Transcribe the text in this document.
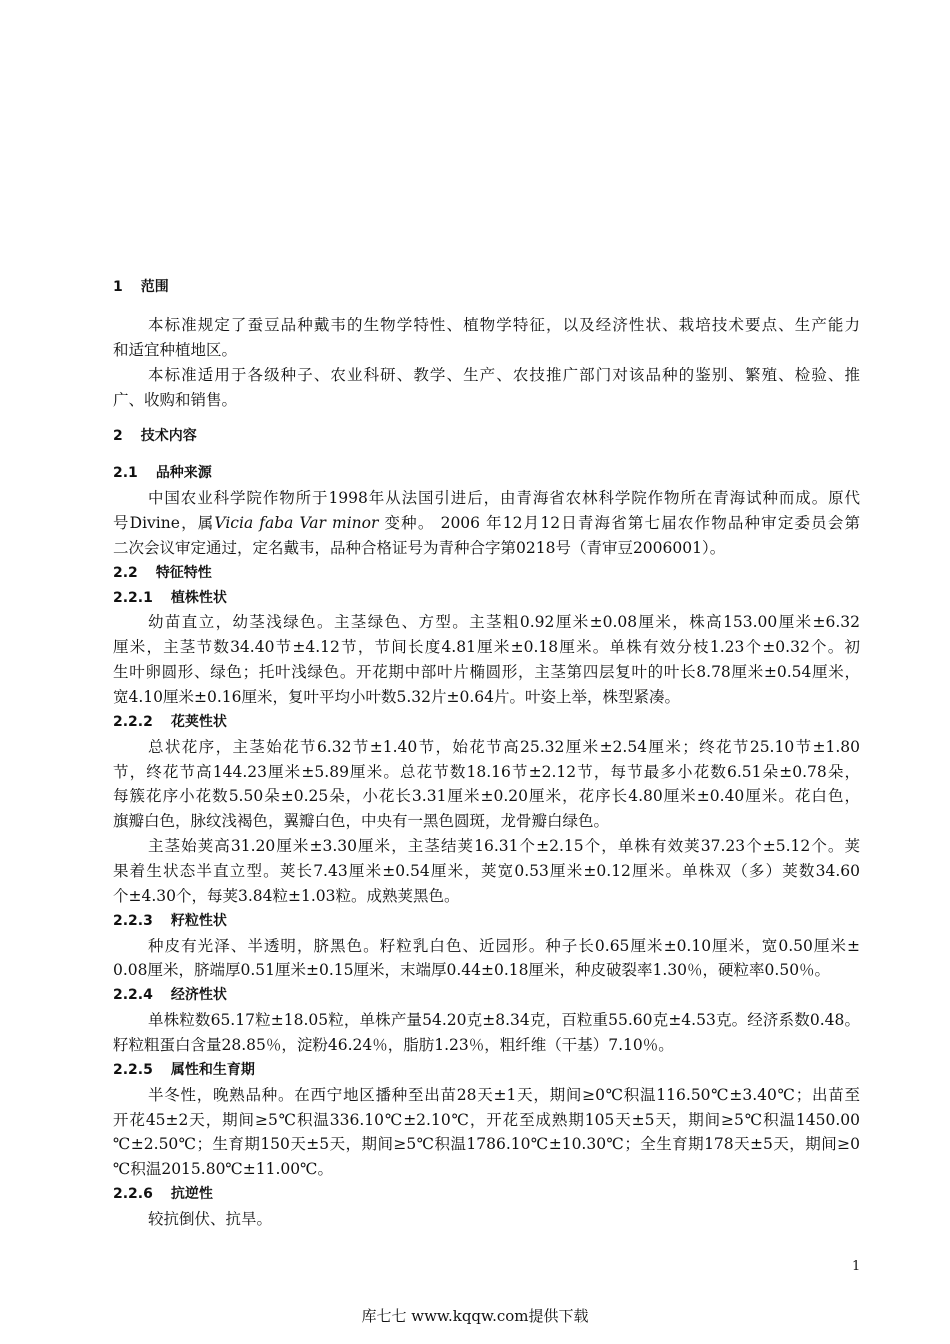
1 范围
本标准规定了蚕豆品种戴韦的生物学特性、植物学特征，以及经济性状、栽培技术要点、生产能力
和适宜种植地区。
本标准适用于各级种子、农业科研、教学、生产、农技推广部门对该品种的鉴别、繁殖、检验、推
广、收购和销售。
2 技术内容
2.1 品种来源
中国农业科学院作物所于1998年从法国引进后，由青海省农林科学院作物所在青海试种而成。原代
号Divine，属Vicia faba Var minor 变种。 2006 年12月12日青海省第七届农作物品种审定委员会第
二次会议审定通过，定名戴韦，品种合格证号为青种合字第0218号（青审豆2006001）。
2.2 特征特性
2.2.1 植株性状
幼苗直立，幼茎浅绿色。主茎绿色、方型。主茎粗0.92厘米±0.08厘米，株高153.00厘米±6.32
厘米，主茎节数34.40节±4.12节，节间长度4.81厘米±0.18厘米。单株有效分枝1.23个±0.32个。初
生叶卵圆形、绿色；托叶浅绿色。开花期中部叶片椭圆形，主茎第四层复叶的叶长8.78厘米±0.54厘米，
宽4.10厘米±0.16厘米，复叶平均小叶数5.32片±0.64片。叶姿上举，株型紧凑。
2.2.2 花荚性状
总状花序，主茎始花节6.32节±1.40节，始花节高25.32厘米±2.54厘米；终花节25.10节±1.80
节，终花节高144.23厘米±5.89厘米。总花节数18.16节±2.12节，每节最多小花数6.51朵±0.78朵，
每簇花序小花数5.50朵±0.25朵，小花长3.31厘米±0.20厘米，花序长4.80厘米±0.40厘米。花白色，
旗瓣白色，脉纹浅褐色，翼瓣白色，中央有一黑色圆斑，龙骨瓣白绿色。
主茎始荚高31.20厘米±3.30厘米，主茎结荚16.31个±2.15个，单株有效荚37.23个±5.12个。荚
果着生状态半直立型。荚长7.43厘米±0.54厘米，荚宽0.53厘米±0.12厘米。单株双（多）荚数34.60
个±4.30个，每荚3.84粒±1.03粒。成熟荚黑色。
2.2.3 籽粒性状
种皮有光泽、半透明，脐黑色。籽粒乳白色、近园形。种子长0.65厘米±0.10厘米，宽0.50厘米±
0.08厘米，脐端厚0.51厘米±0.15厘米，末端厚0.44±0.18厘米，种皮破裂率1.30％，硬粒率0.50％。
2.2.4 经济性状
单株粒数65.17粒±18.05粒，单株产量54.20克±8.34克，百粒重55.60克±4.53克。经济系数0.48。
籽粒粗蛋白含量28.85％，淀粉46.24％，脂肪1.23％，粗纤维（干基）7.10％。
2.2.5 属性和生育期
半冬性，晚熟品种。在西宁地区播种至出苗28天±1天，期间≥0℃积温116.50℃±3.40℃；出苗至
开花45±2天，期间≥5℃积温336.10℃±2.10℃，开花至成熟期105天±5天，期间≥5℃积温1450.00
℃±2.50℃；生育期150天±5天，期间≥5℃积温1786.10℃±10.30℃；全生育期178天±5天，期间≥0
℃积温2015.80℃±11.00℃。
2.2.6 抗逆性
较抗倒伏、抗旱。
1
库七七 www.kqqw.com提供下载
